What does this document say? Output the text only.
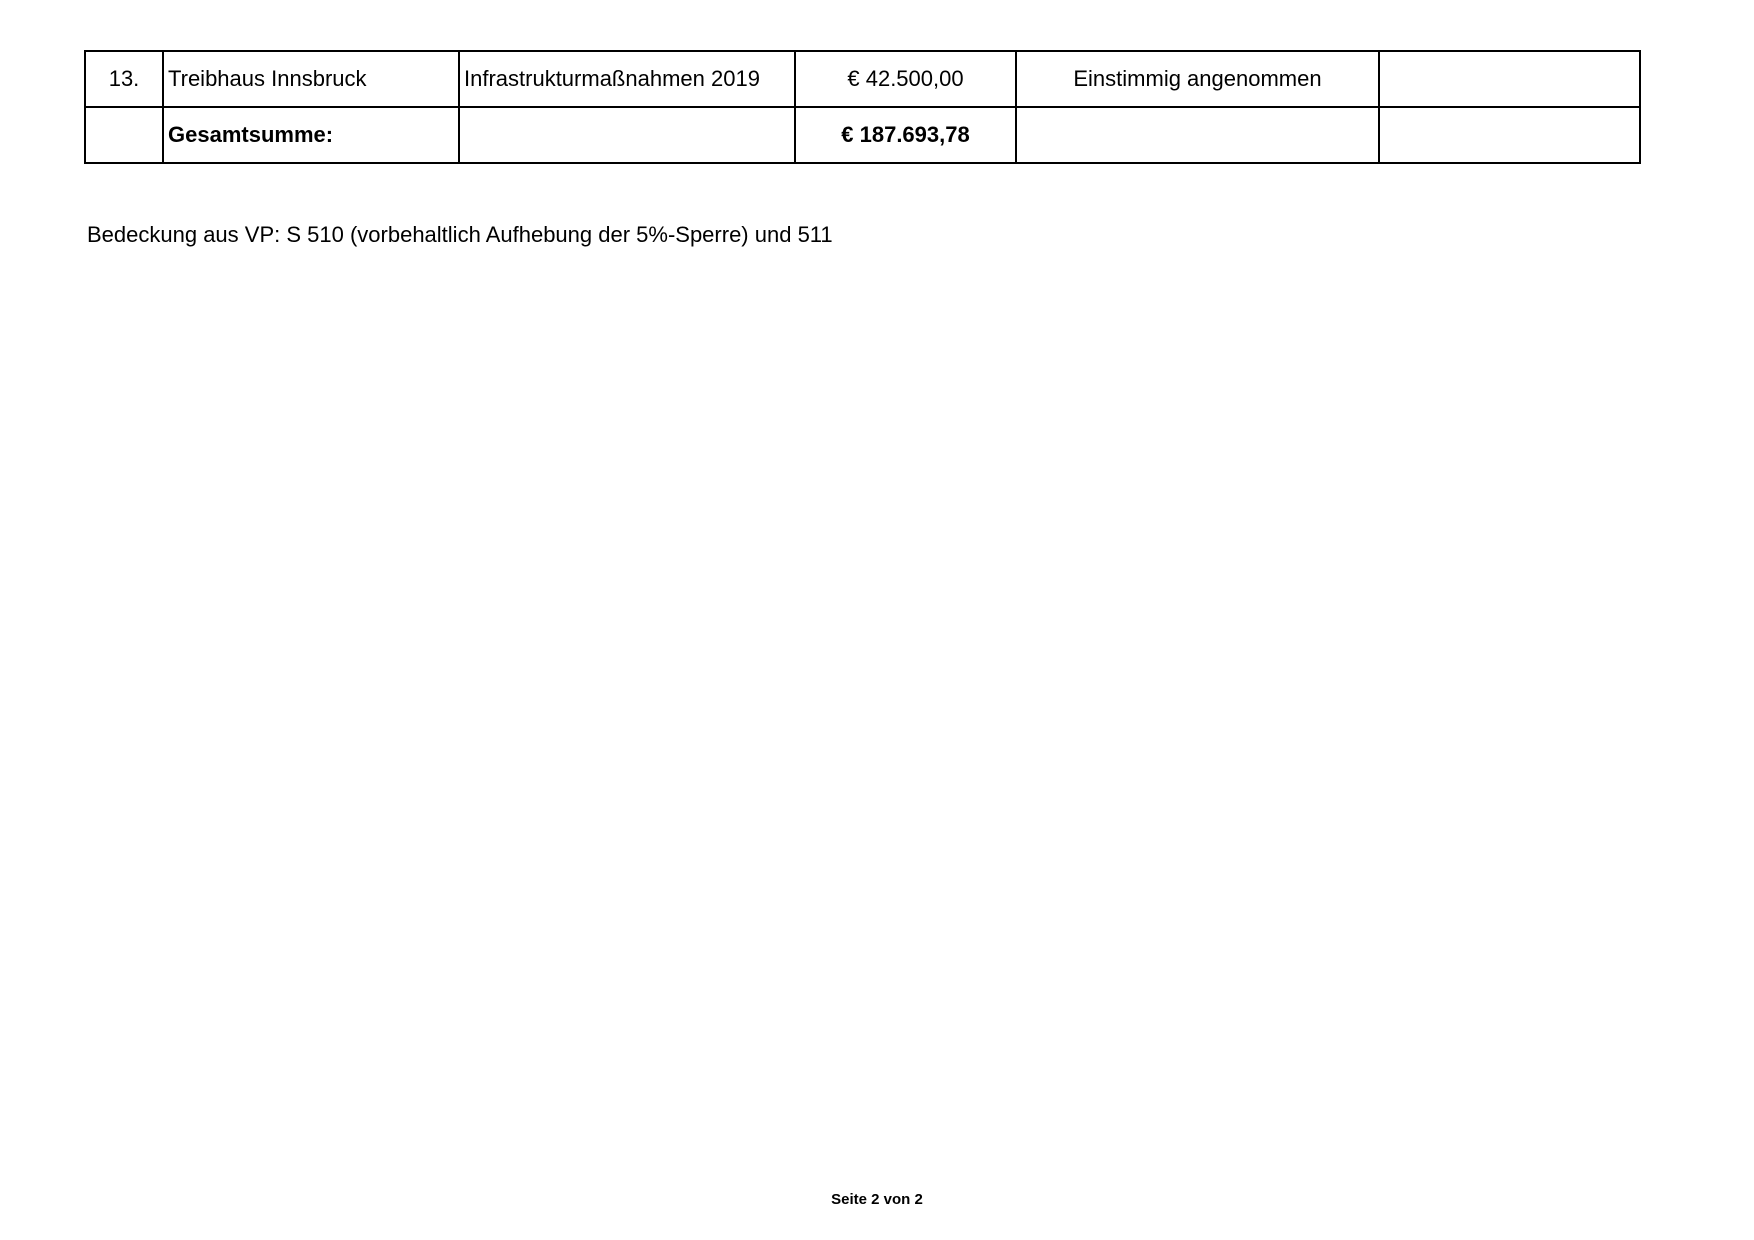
13.	Treibhaus Innsbruck	Infrastrukturmaßnahmen 2019	€ 42.500,00	Einstimmig angenommen	
	Gesamtsumme:		€ 187.693,78		
Bedeckung aus VP: S 510 (vorbehaltlich Aufhebung der 5%-Sperre) und 511
Seite 2 von 2
